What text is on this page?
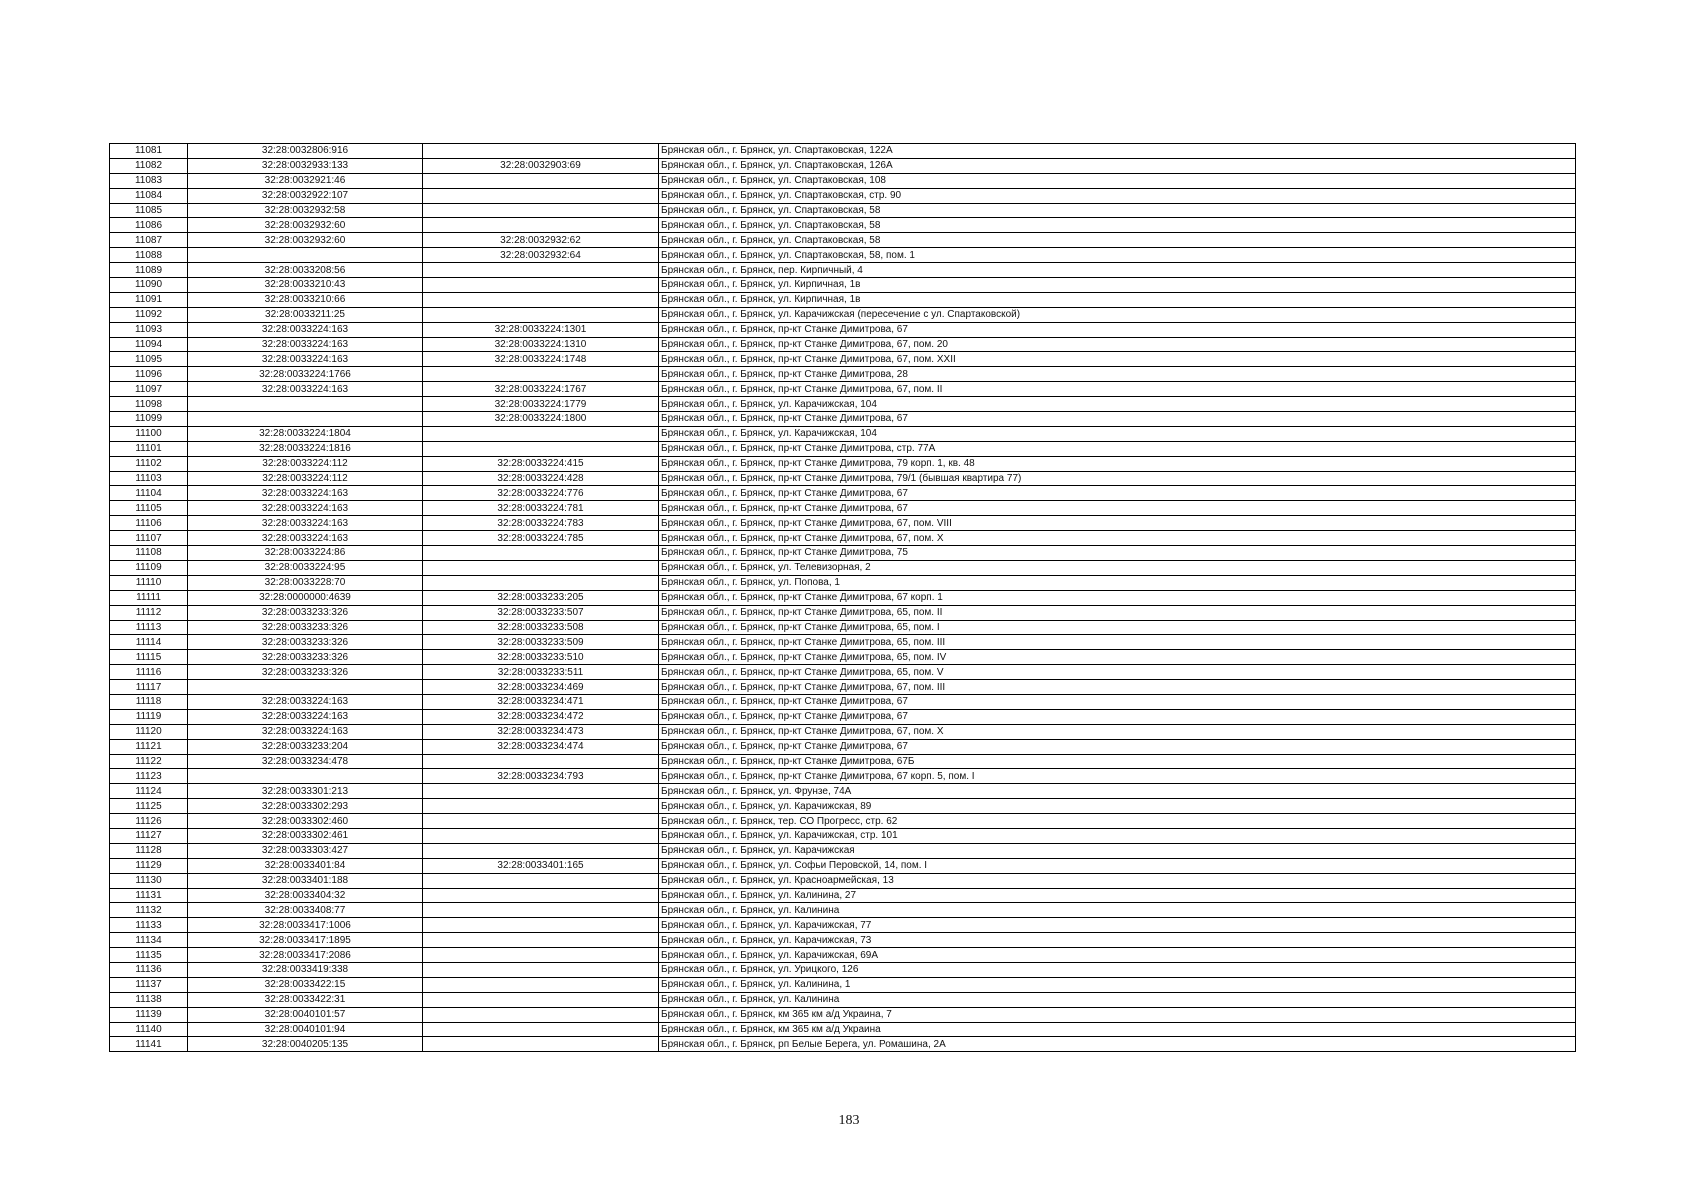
11081	32:28:0032806:916		Брянская обл., г. Брянск, ул. Спартаковская, 122А
11082	32:28:0032933:133	32:28:0032903:69	Брянская обл., г. Брянск, ул. Спартаковская, 126А
11083	32:28:0032921:46		Брянская обл., г. Брянск, ул. Спартаковская, 108
11084	32:28:0032922:107		Брянская обл., г. Брянск, ул. Спартаковская, стр. 90
11085	32:28:0032932:58		Брянская обл., г. Брянск, ул. Спартаковская, 58
11086	32:28:0032932:60		Брянская обл., г. Брянск, ул. Спартаковская, 58
11087	32:28:0032932:60	32:28:0032932:62	Брянская обл., г. Брянск, ул. Спартаковская, 58
11088		32:28:0032932:64	Брянская обл., г. Брянск, ул. Спартаковская, 58, пом. 1
11089	32:28:0033208:56		Брянская обл., г. Брянск, пер. Кирпичный, 4
11090	32:28:0033210:43		Брянская обл., г. Брянск, ул. Кирпичная, 1в
11091	32:28:0033210:66		Брянская обл., г. Брянск, ул. Кирпичная, 1в
11092	32:28:0033211:25		Брянская обл., г. Брянск, ул. Карачижская (пересечение с ул. Спартаковской)
11093	32:28:0033224:163	32:28:0033224:1301	Брянская обл., г. Брянск, пр-кт Станке Димитрова, 67
11094	32:28:0033224:163	32:28:0033224:1310	Брянская обл., г. Брянск, пр-кт Станке Димитрова, 67, пом. 20
11095	32:28:0033224:163	32:28:0033224:1748	Брянская обл., г. Брянск, пр-кт Станке Димитрова, 67, пом. XXII
11096	32:28:0033224:1766		Брянская обл., г. Брянск, пр-кт Станке Димитрова, 28
11097	32:28:0033224:163	32:28:0033224:1767	Брянская обл., г. Брянск, пр-кт Станке Димитрова, 67, пом. II
11098		32:28:0033224:1779	Брянская обл., г. Брянск, ул. Карачижская, 104
11099		32:28:0033224:1800	Брянская обл., г. Брянск, пр-кт Станке Димитрова, 67
11100	32:28:0033224:1804		Брянская обл., г. Брянск, ул. Карачижская, 104
11101	32:28:0033224:1816		Брянская обл., г. Брянск, пр-кт Станке Димитрова, стр. 77А
11102	32:28:0033224:112	32:28:0033224:415	Брянская обл., г. Брянск, пр-кт Станке Димитрова, 79 корп. 1, кв. 48
11103	32:28:0033224:112	32:28:0033224:428	Брянская обл., г. Брянск, пр-кт Станке Димитрова, 79/1 (бывшая квартира 77)
11104	32:28:0033224:163	32:28:0033224:776	Брянская обл., г. Брянск, пр-кт Станке Димитрова, 67
11105	32:28:0033224:163	32:28:0033224:781	Брянская обл., г. Брянск, пр-кт Станке Димитрова, 67
11106	32:28:0033224:163	32:28:0033224:783	Брянская обл., г. Брянск, пр-кт Станке Димитрова, 67, пом. VIII
11107	32:28:0033224:163	32:28:0033224:785	Брянская обл., г. Брянск, пр-кт Станке Димитрова, 67, пом. X
11108	32:28:0033224:86		Брянская обл., г. Брянск, пр-кт Станке Димитрова, 75
11109	32:28:0033224:95		Брянская обл., г. Брянск, ул. Телевизорная, 2
11110	32:28:0033228:70		Брянская обл., г. Брянск, ул. Попова, 1
11111	32:28:0000000:4639	32:28:0033233:205	Брянская обл., г. Брянск, пр-кт Станке Димитрова, 67 корп. 1
11112	32:28:0033233:326	32:28:0033233:507	Брянская обл., г. Брянск, пр-кт Станке Димитрова, 65, пом. II
11113	32:28:0033233:326	32:28:0033233:508	Брянская обл., г. Брянск, пр-кт Станке Димитрова, 65, пом. I
11114	32:28:0033233:326	32:28:0033233:509	Брянская обл., г. Брянск, пр-кт Станке Димитрова, 65, пом. III
11115	32:28:0033233:326	32:28:0033233:510	Брянская обл., г. Брянск, пр-кт Станке Димитрова, 65, пом. IV
11116	32:28:0033233:326	32:28:0033233:511	Брянская обл., г. Брянск, пр-кт Станке Димитрова, 65, пом. V
11117		32:28:0033234:469	Брянская обл., г. Брянск, пр-кт Станке Димитрова, 67, пом. III
11118	32:28:0033224:163	32:28:0033234:471	Брянская обл., г. Брянск, пр-кт Станке Димитрова, 67
11119	32:28:0033224:163	32:28:0033234:472	Брянская обл., г. Брянск, пр-кт Станке Димитрова, 67
11120	32:28:0033224:163	32:28:0033234:473	Брянская обл., г. Брянск, пр-кт Станке Димитрова, 67, пом. X
11121	32:28:0033233:204	32:28:0033234:474	Брянская обл., г. Брянск, пр-кт Станке Димитрова, 67
11122	32:28:0033234:478		Брянская обл., г. Брянск, пр-кт Станке Димитрова, 67Б
11123		32:28:0033234:793	Брянская обл., г. Брянск, пр-кт Станке Димитрова, 67 корп. 5, пом. I
11124	32:28:0033301:213		Брянская обл., г. Брянск, ул. Фрунзе, 74А
11125	32:28:0033302:293		Брянская обл., г. Брянск, ул. Карачижская, 89
11126	32:28:0033302:460		Брянская обл., г. Брянск, тер. СО Прогресс, стр. 62
11127	32:28:0033302:461		Брянская обл., г. Брянск, ул. Карачижская, стр. 101
11128	32:28:0033303:427		Брянская обл., г. Брянск, ул. Карачижская
11129	32:28:0033401:84	32:28:0033401:165	Брянская обл., г. Брянск, ул. Софьи Перовской, 14, пом. I
11130	32:28:0033401:188		Брянская обл., г. Брянск, ул. Красноармейская, 13
11131	32:28:0033404:32		Брянская обл., г. Брянск, ул. Калинина, 27
11132	32:28:0033408:77		Брянская обл., г. Брянск, ул. Калинина
11133	32:28:0033417:1006		Брянская обл., г. Брянск, ул. Карачижская, 77
11134	32:28:0033417:1895		Брянская обл., г. Брянск, ул. Карачижская, 73
11135	32:28:0033417:2086		Брянская обл., г. Брянск, ул. Карачижская, 69А
11136	32:28:0033419:338		Брянская обл., г. Брянск, ул. Урицкого, 126
11137	32:28:0033422:15		Брянская обл., г. Брянск, ул. Калинина, 1
11138	32:28:0033422:31		Брянская обл., г. Брянск, ул. Калинина
11139	32:28:0040101:57		Брянская обл., г. Брянск, км 365 км а/д Украина, 7
11140	32:28:0040101:94		Брянская обл., г. Брянск, км 365 км а/д Украина
11141	32:28:0040205:135		Брянская обл., г. Брянск, рп Белые Берега, ул. Ромашина, 2А
183
